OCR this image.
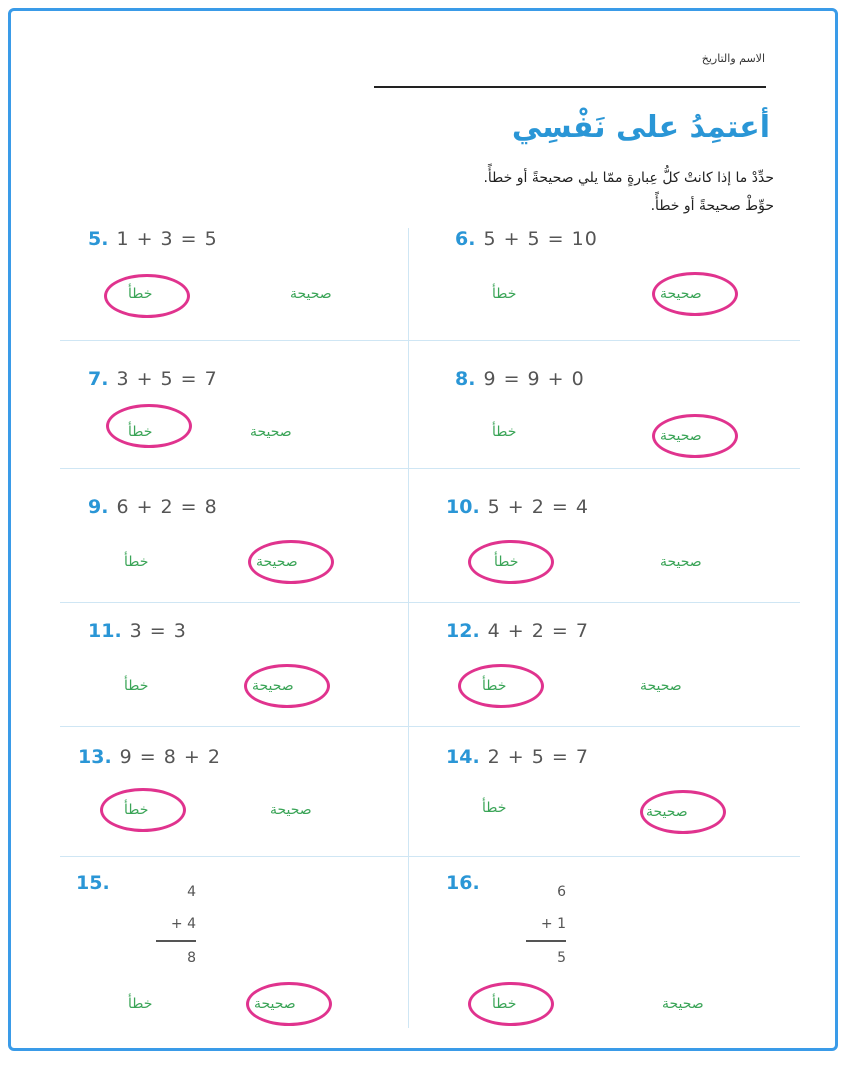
الاسم والتاريخ
أعتمِدُ على نَفْسِي
حدِّدْ ما إذا كانتْ كلُّ عِبارةٍ ممّا يلي صحيحةً أو خطأً.
حوِّطْ صحيحةً أو خطأً.
5. 1 + 3 = 5
خطأ	صحيحة
6. 5 + 5 = 10
خطأ	صحيحة
7. 3 + 5 = 7
خطأ	صحيحة
8. 9 = 9 + 0
خطأ	صحيحة
9. 6 + 2 = 8
خطأ	صحيحة
10. 5 + 2 = 4
خطأ	صحيحة
11. 3 = 3
خطأ	صحيحة
12. 4 + 2 = 7
خطأ	صحيحة
13. 9 = 8 + 2
خطأ	صحيحة
14. 2 + 5 = 7
خطأ	صحيحة
15.	4
+ 4
8
خطأ	صحيحة
16.	6
+ 1
5
خطأ	صحيحة
